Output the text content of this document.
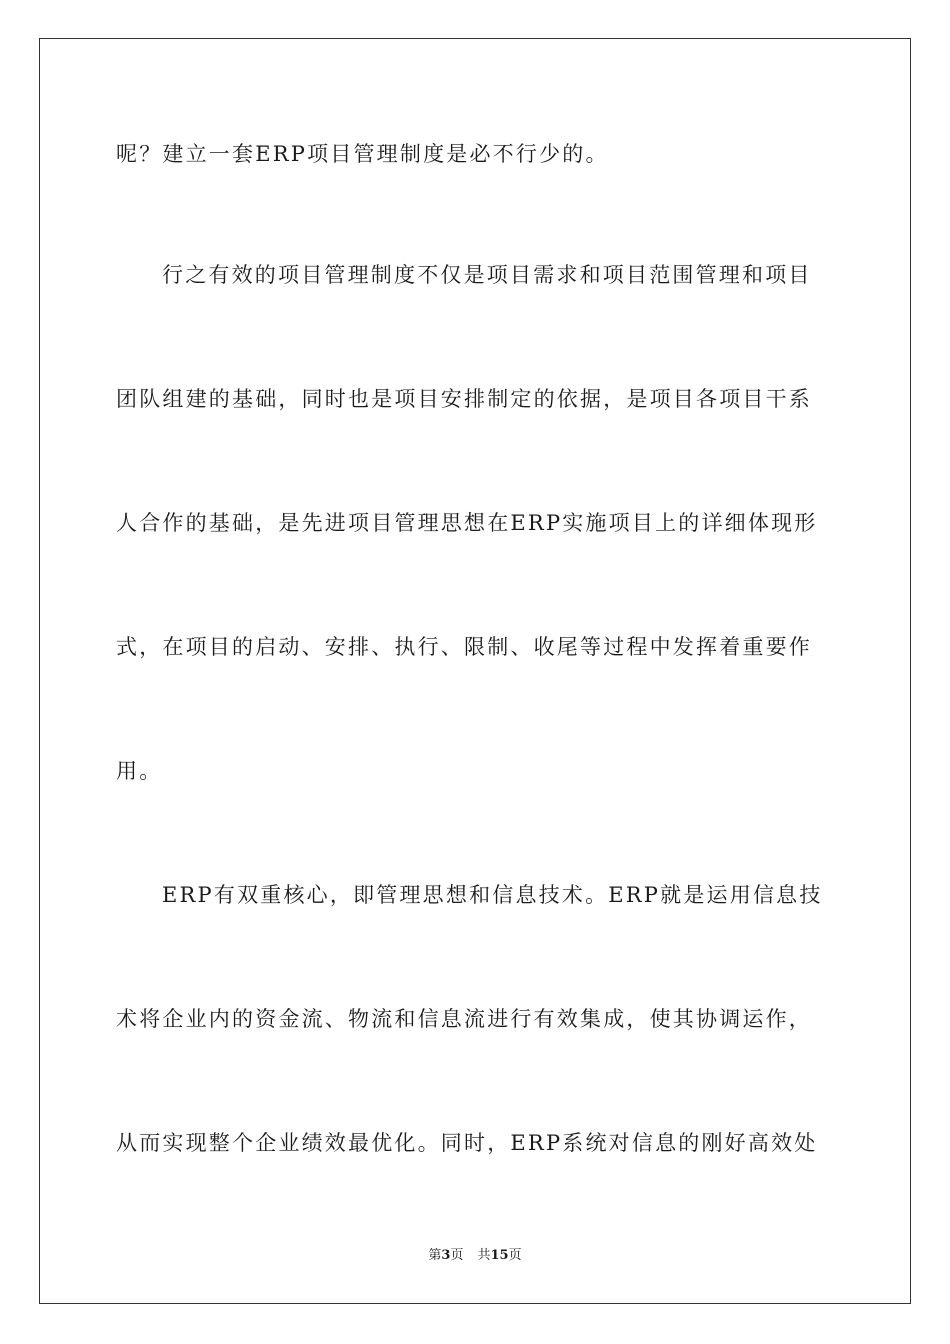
呢？建立一套ERP项目管理制度是必不行少的。
行之有效的项目管理制度不仅是项目需求和项目范围管理和项目
团队组建的基础，同时也是项目安排制定的依据，是项目各项目干系
人合作的基础，是先进项目管理思想在ERP实施项目上的详细体现形
式，在项目的启动、安排、执行、限制、收尾等过程中发挥着重要作
用。
ERP有双重核心，即管理思想和信息技术。ERP就是运用信息技
术将企业内的资金流、物流和信息流进行有效集成，使其协调运作，
从而实现整个企业绩效最优化。同时，ERP系统对信息的刚好高效处
第3页 共15页
